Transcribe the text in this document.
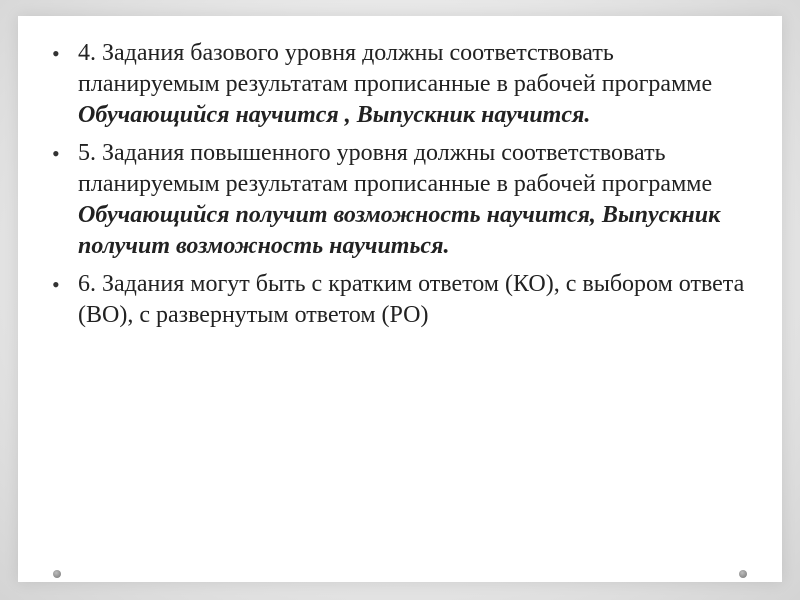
• 4. Задания базового уровня должны соответствовать планируемым результатам прописанные в рабочей программе Обучающийся научится , Выпускник научится.
• 5. Задания повышенного уровня должны соответствовать планируемым результатам прописанные в рабочей программе Обучающийся получит возможность научится, Выпускник получит возможность научиться.
• 6. Задания могут быть с кратким ответом (КО), с выбором ответа (ВО), с развернутым ответом (РО)
